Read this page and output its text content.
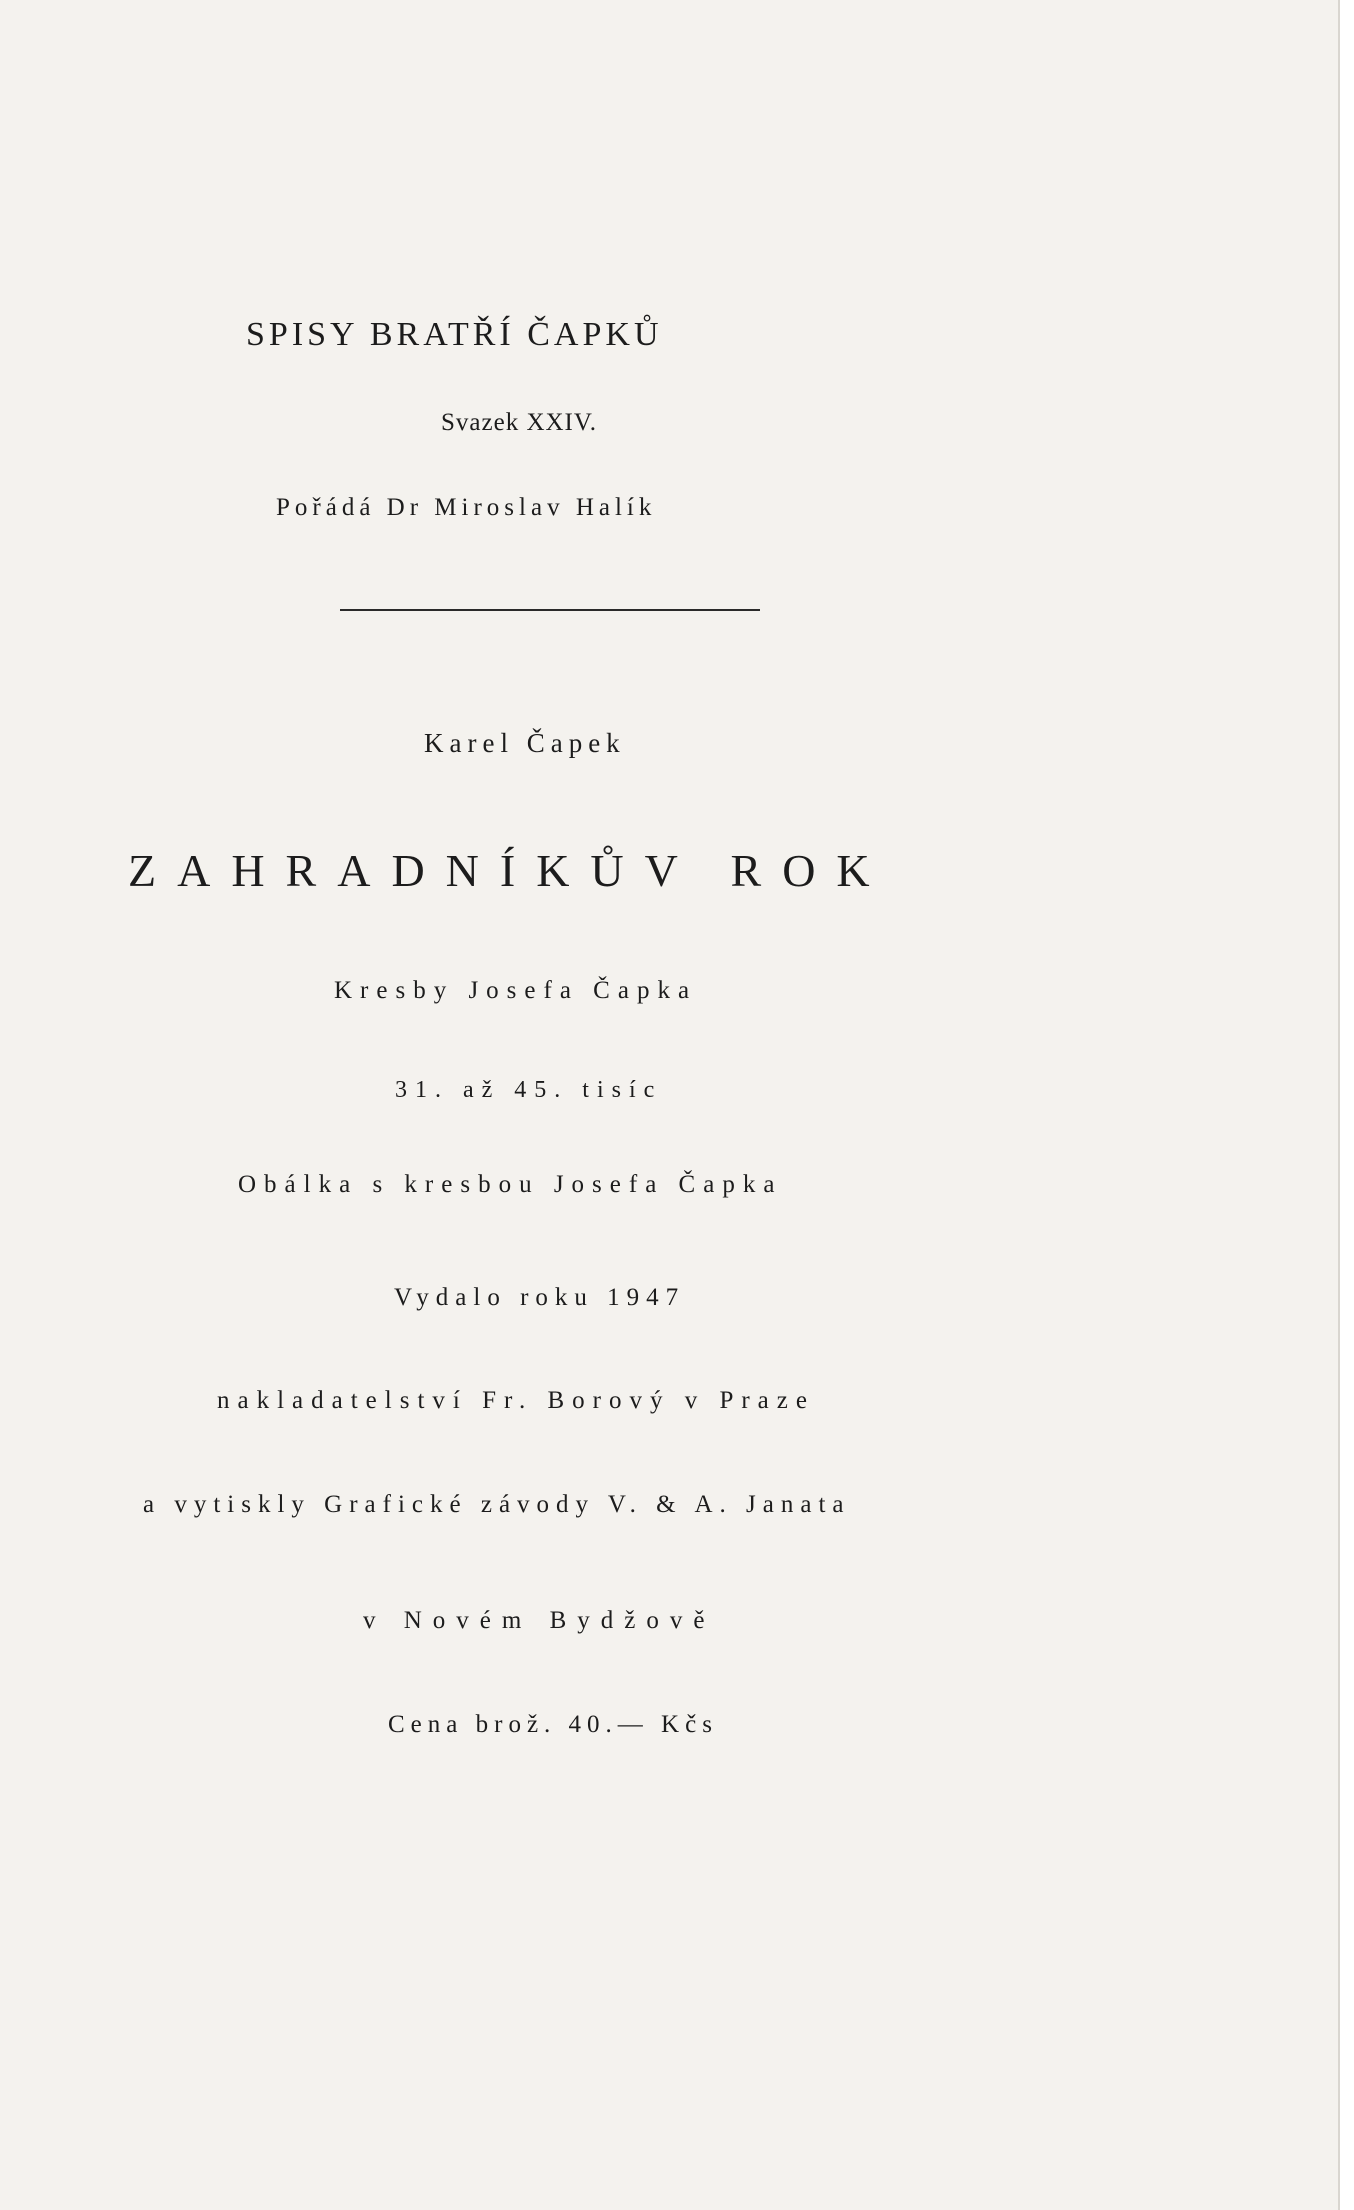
SPISY BRATŘÍ ČAPKŮ
Svazek XXIV.
Pořádá Dr Miroslav Halík
Karel Čapek
ZAHRADNÍKŮV ROK
Kresby Josefa Čapka
31. až 45. tisíc
Obálka s kresbou Josefa Čapka
Vydalo roku 1947
nakladatelství Fr. Borový v Praze
a vytiskly Grafické závody V. & A. Janata
v Novém Bydžově
Cena brož. 40.— Kčs
